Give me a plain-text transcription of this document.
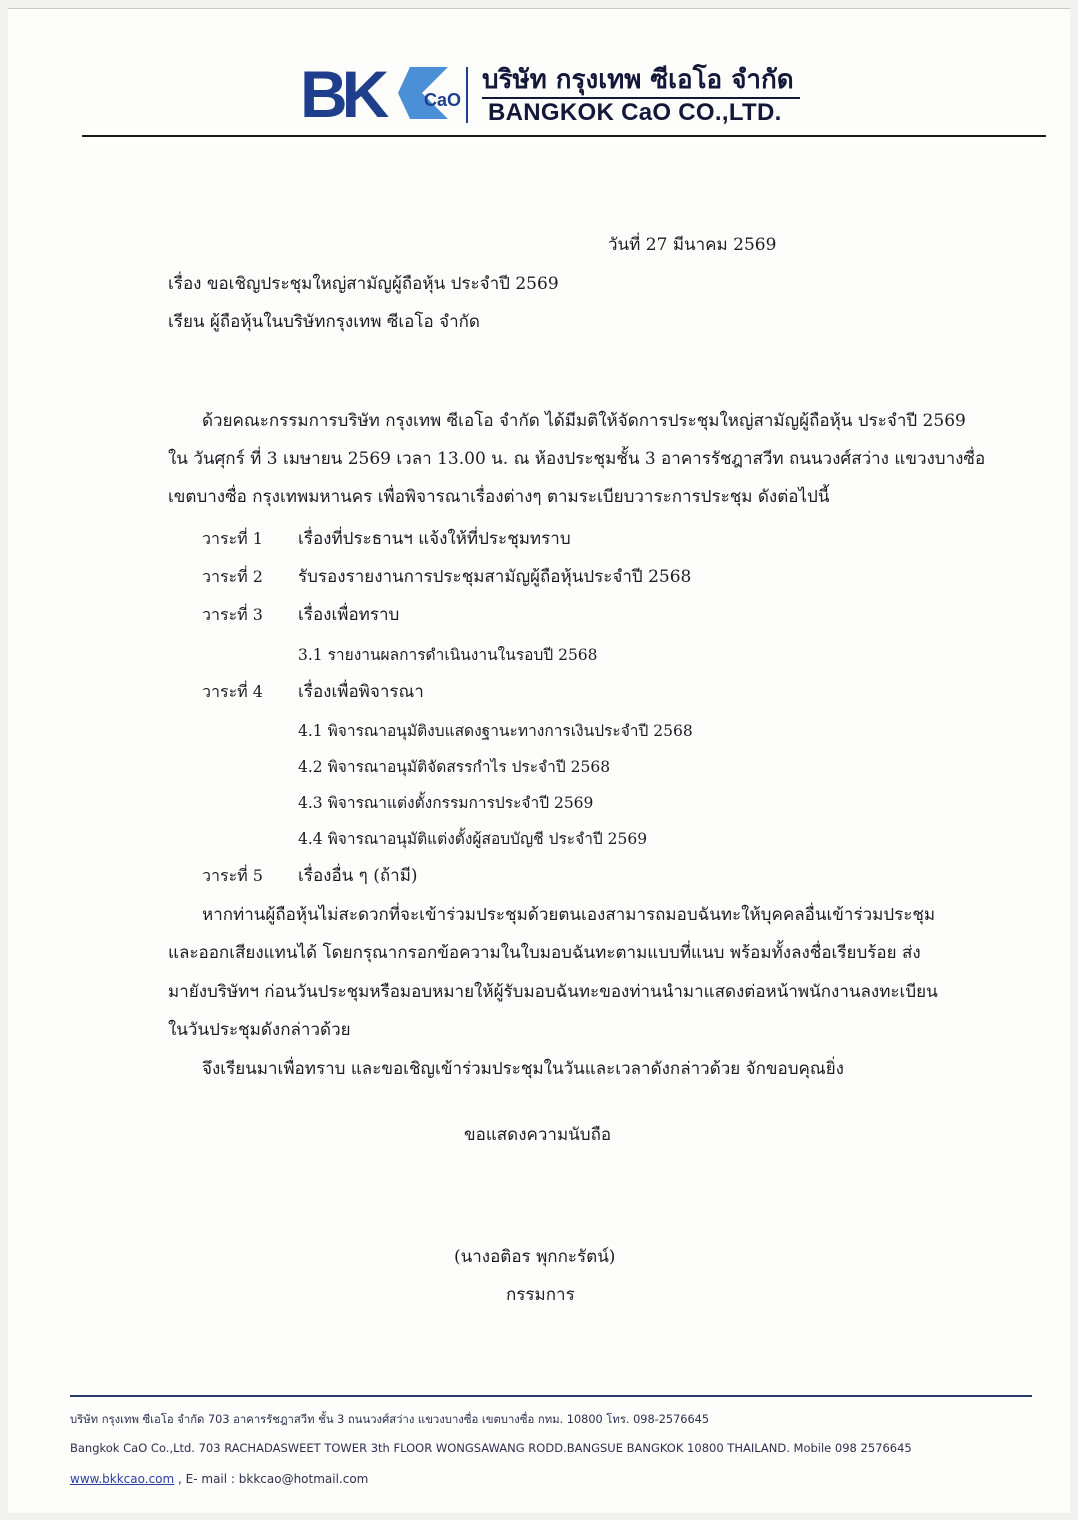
BK	CaO
บริษัท กรุงเทพ ซีเอโอ จำกัด
BANGKOK CaO CO.,LTD.
วันที่ 27 มีนาคม 2569
เรื่อง ขอเชิญประชุมใหญ่สามัญผู้ถือหุ้น ประจำปี 2569
เรียน ผู้ถือหุ้นในบริษัทกรุงเทพ ซีเอโอ จำกัด
ด้วยคณะกรรมการบริษัท กรุงเทพ ซีเอโอ จำกัด ได้มีมติให้จัดการประชุมใหญ่สามัญผู้ถือหุ้น ประจำปี 2569
ใน วันศุกร์ ที่ 3 เมษายน 2569 เวลา 13.00 น. ณ ห้องประชุมชั้น 3 อาคารรัชฎาสวีท ถนนวงศ์สว่าง แขวงบางซื่อ
เขตบางซื่อ กรุงเทพมหานคร เพื่อพิจารณาเรื่องต่างๆ ตามระเบียบวาระการประชุม ดังต่อไปนี้
วาระที่ 1 เรื่องที่ประธานฯ แจ้งให้ที่ประชุมทราบ
วาระที่ 2 รับรองรายงานการประชุมสามัญผู้ถือหุ้นประจำปี 2568
วาระที่ 3 เรื่องเพื่อทราบ
3.1 รายงานผลการดำเนินงานในรอบปี 2568
วาระที่ 4 เรื่องเพื่อพิจารณา
4.1 พิจารณาอนุมัติงบแสดงฐานะทางการเงินประจำปี 2568
4.2 พิจารณาอนุมัติจัดสรรกำไร ประจำปี 2568
4.3 พิจารณาแต่งตั้งกรรมการประจำปี 2569
4.4 พิจารณาอนุมัติแต่งตั้งผู้สอบบัญชี ประจำปี 2569
วาระที่ 5 เรื่องอื่น ๆ (ถ้ามี)
หากท่านผู้ถือหุ้นไม่สะดวกที่จะเข้าร่วมประชุมด้วยตนเองสามารถมอบฉันทะให้บุคคลอื่นเข้าร่วมประชุม
และออกเสียงแทนได้ โดยกรุณากรอกข้อความในใบมอบฉันทะตามแบบที่แนบ พร้อมทั้งลงชื่อเรียบร้อย ส่ง
มายังบริษัทฯ ก่อนวันประชุมหรือมอบหมายให้ผู้รับมอบฉันทะของท่านนำมาแสดงต่อหน้าพนักงานลงทะเบียน
ในวันประชุมดังกล่าวด้วย
จึงเรียนมาเพื่อทราบ และขอเชิญเข้าร่วมประชุมในวันและเวลาดังกล่าวด้วย จักขอบคุณยิ่ง
ขอแสดงความนับถือ
(นางอติอร พุกกะรัตน์)
กรรมการ
บริษัท กรุงเทพ ซีเอโอ จำกัด 703 อาคารรัชฎาสวีท ชั้น 3 ถนนวงศ์สว่าง แขวงบางซื่อ เขตบางซื่อ กทม. 10800 โทร. 098-2576645
Bangkok CaO Co.,Ltd. 703 RACHADASWEET TOWER 3th FLOOR WONGSAWANG RODD.BANGSUE BANGKOK 10800 THAILAND. Mobile 098 2576645
www.bkkcao.com , E- mail : bkkcao@hotmail.com
